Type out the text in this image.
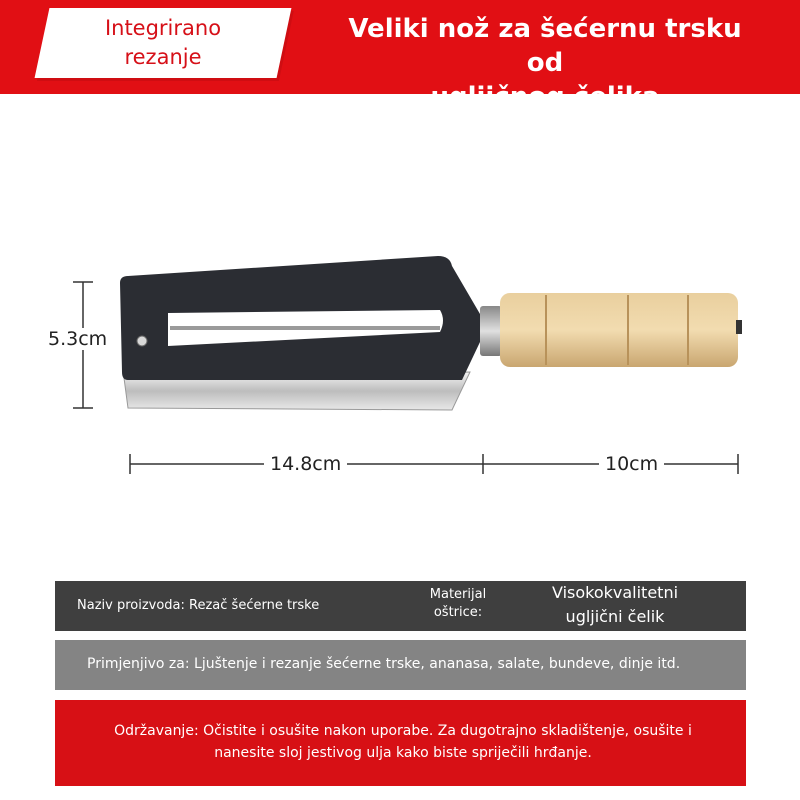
Integrirano
rezanje
Veliki nož za šećernu trsku od
ugljičnog čelika
5.3cm
14.8cm	10cm
Naziv proizvoda: Rezač šećerne trske
Materijal
oštrice:
Visokokvalitetni
ugljični čelik
Primjenjivo za: Ljuštenje i rezanje šećerne trske, ananasa, salate, bundeve, dinje itd.
Održavanje: Očistite i osušite nakon uporabe. Za dugotrajno skladištenje, osušite i nanesite sloj jestivog ulja kako biste spriječili hrđanje.
